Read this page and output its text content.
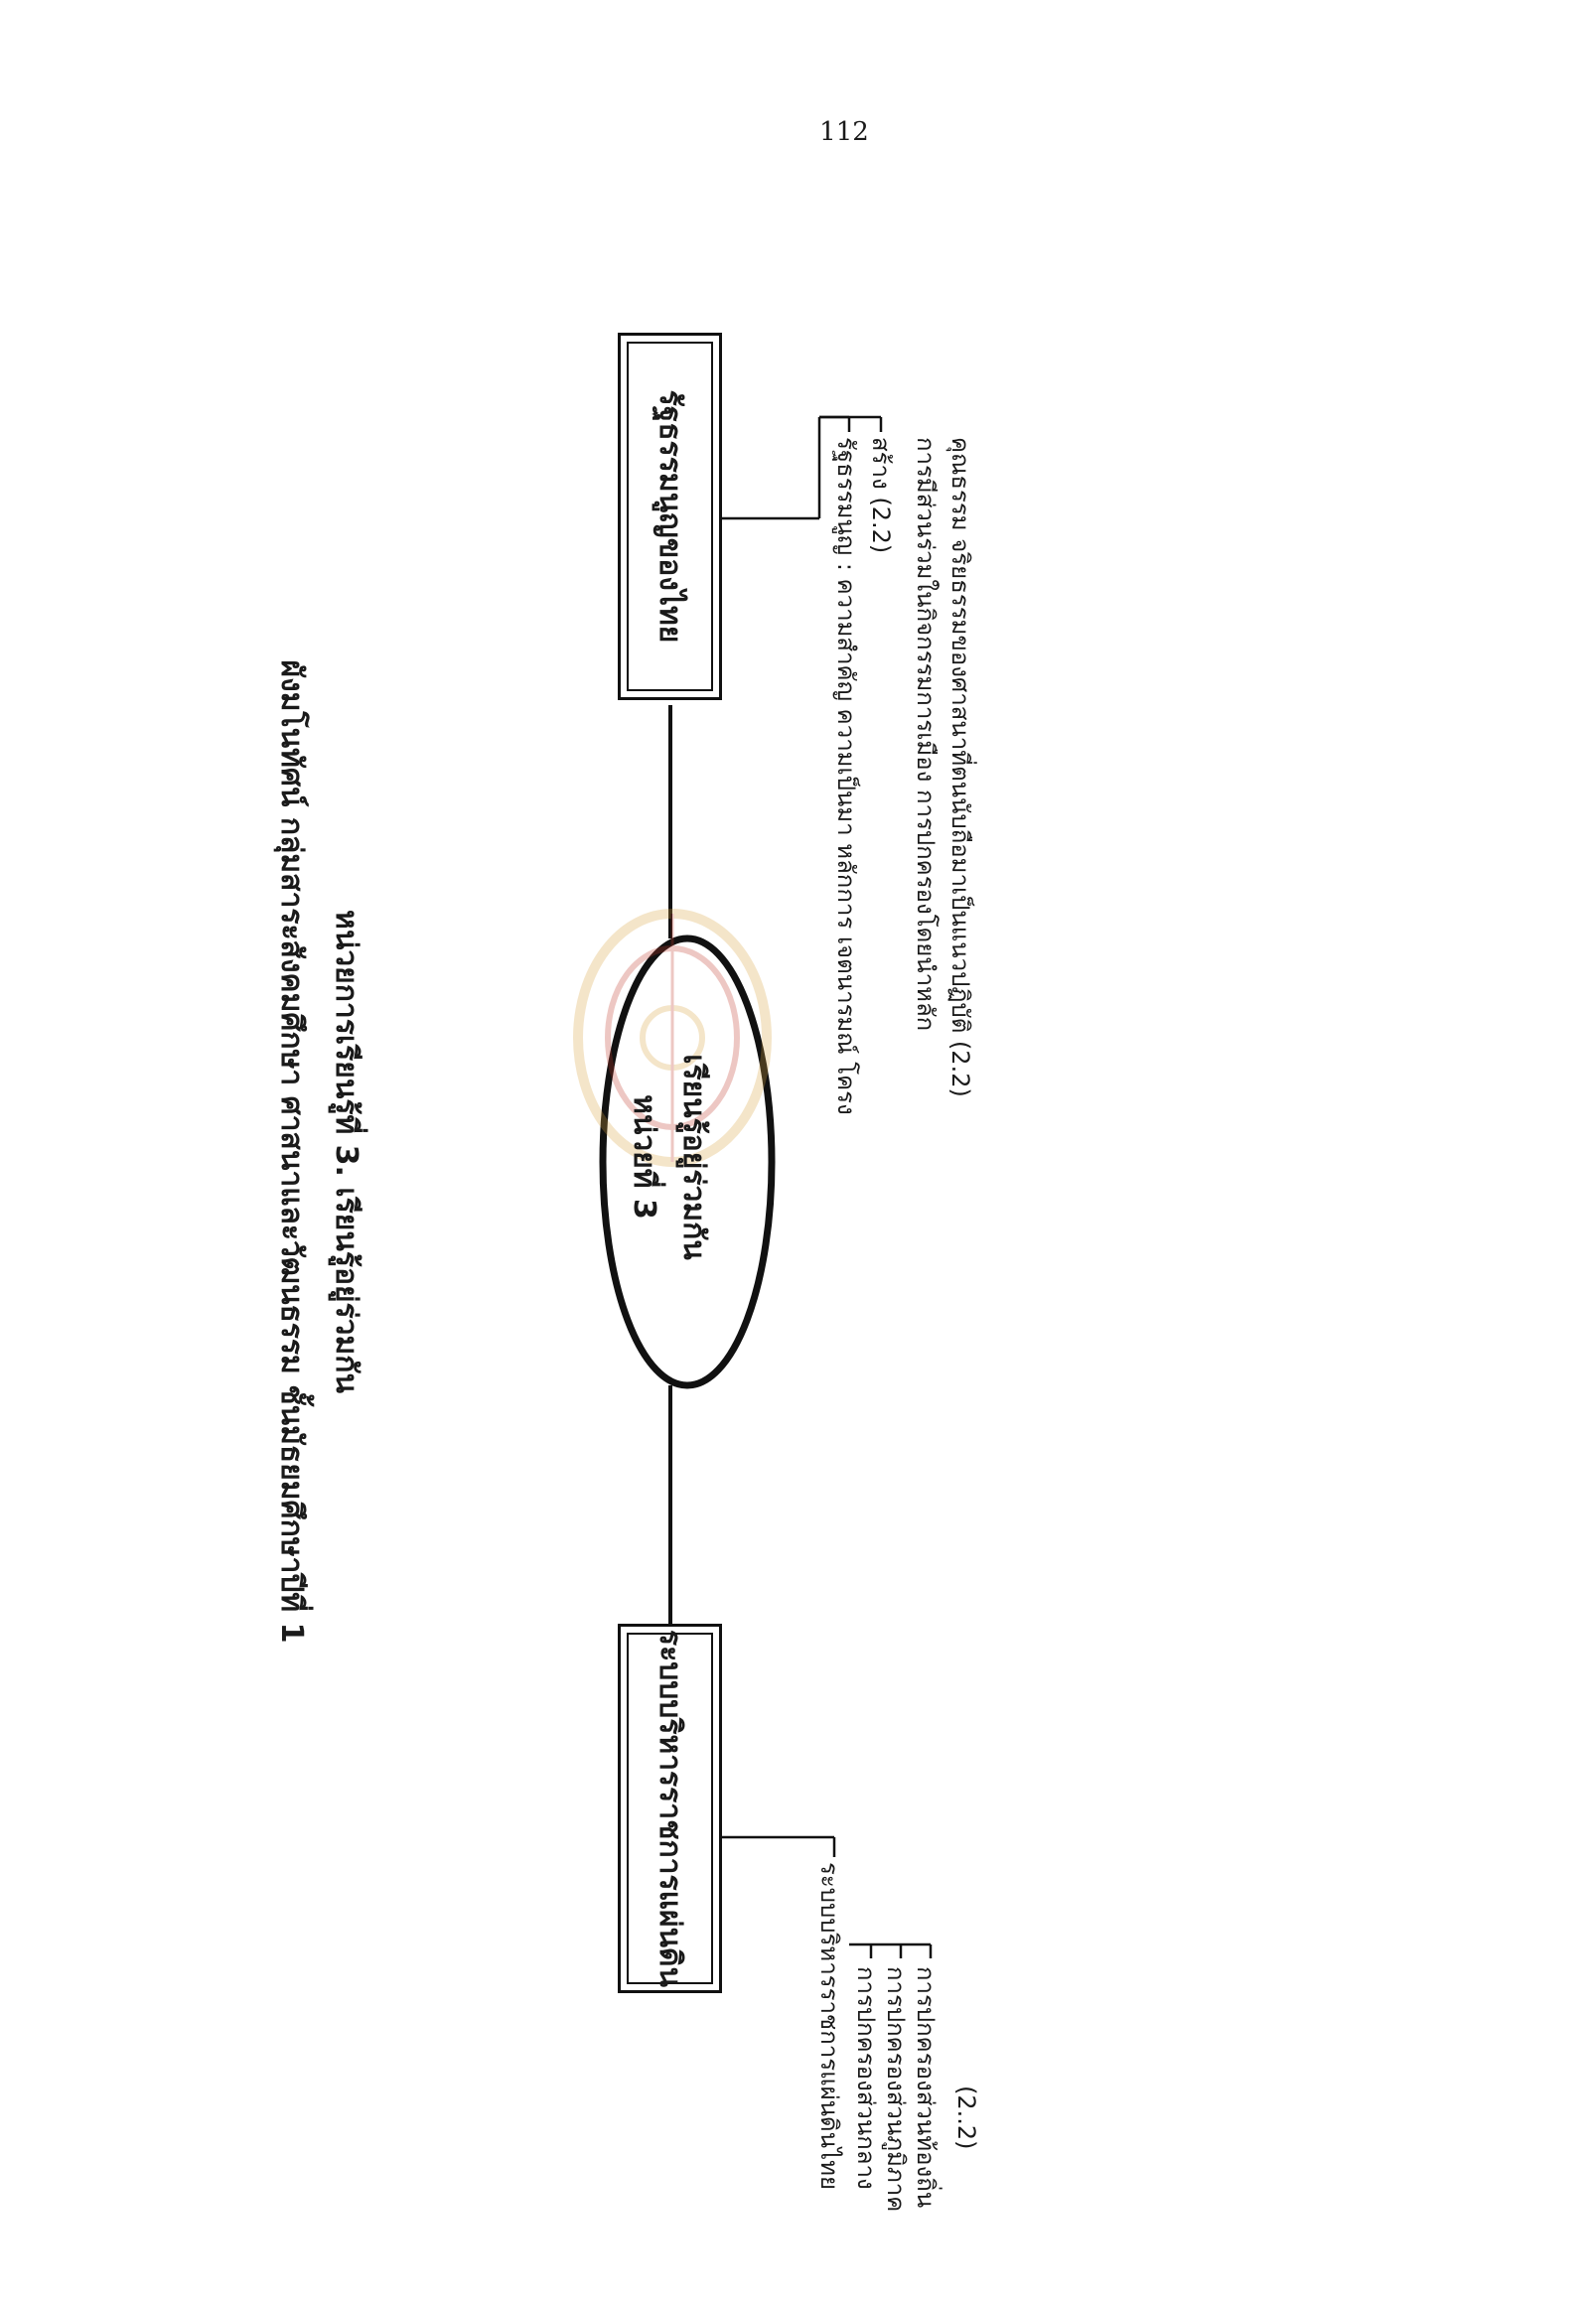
112
ผังมโนทัศน์ กลุ่มสาระสังคมศึกษา ศาสนาและวัฒนธรรม ชั้นมัธยมศึกษาปีที่ 1 หน่วยการเรียนรู้ที่ 3. เรียนรู้อยู่ร่วมกัน	หน่วยที่ 3 เรียนรู้อยู่ร่วมกัน
รัฐธรรมนูญของไทย
ระบบบริหารราชการแผ่นดิน
รัฐธรรมนูญ : ความสำคัญ ความเป็นมา หลักการ เจตนารมณ์ โครง สร้าง (2.2) การมีส่วนร่วมในกิจกรรมการเมือง การปกครองโดยนำหลัก คุณธรรม จริยธรรมของศาสนาที่ตนนับถือมาเป็นแนวปฏิบัติ (2.2)
ระบบบริหารราชการแผ่นดินไทย การปกครองส่วนกลาง การปกครองส่วนภูมิภาค การปกครองส่วนท้องถิ่น (2..2)
